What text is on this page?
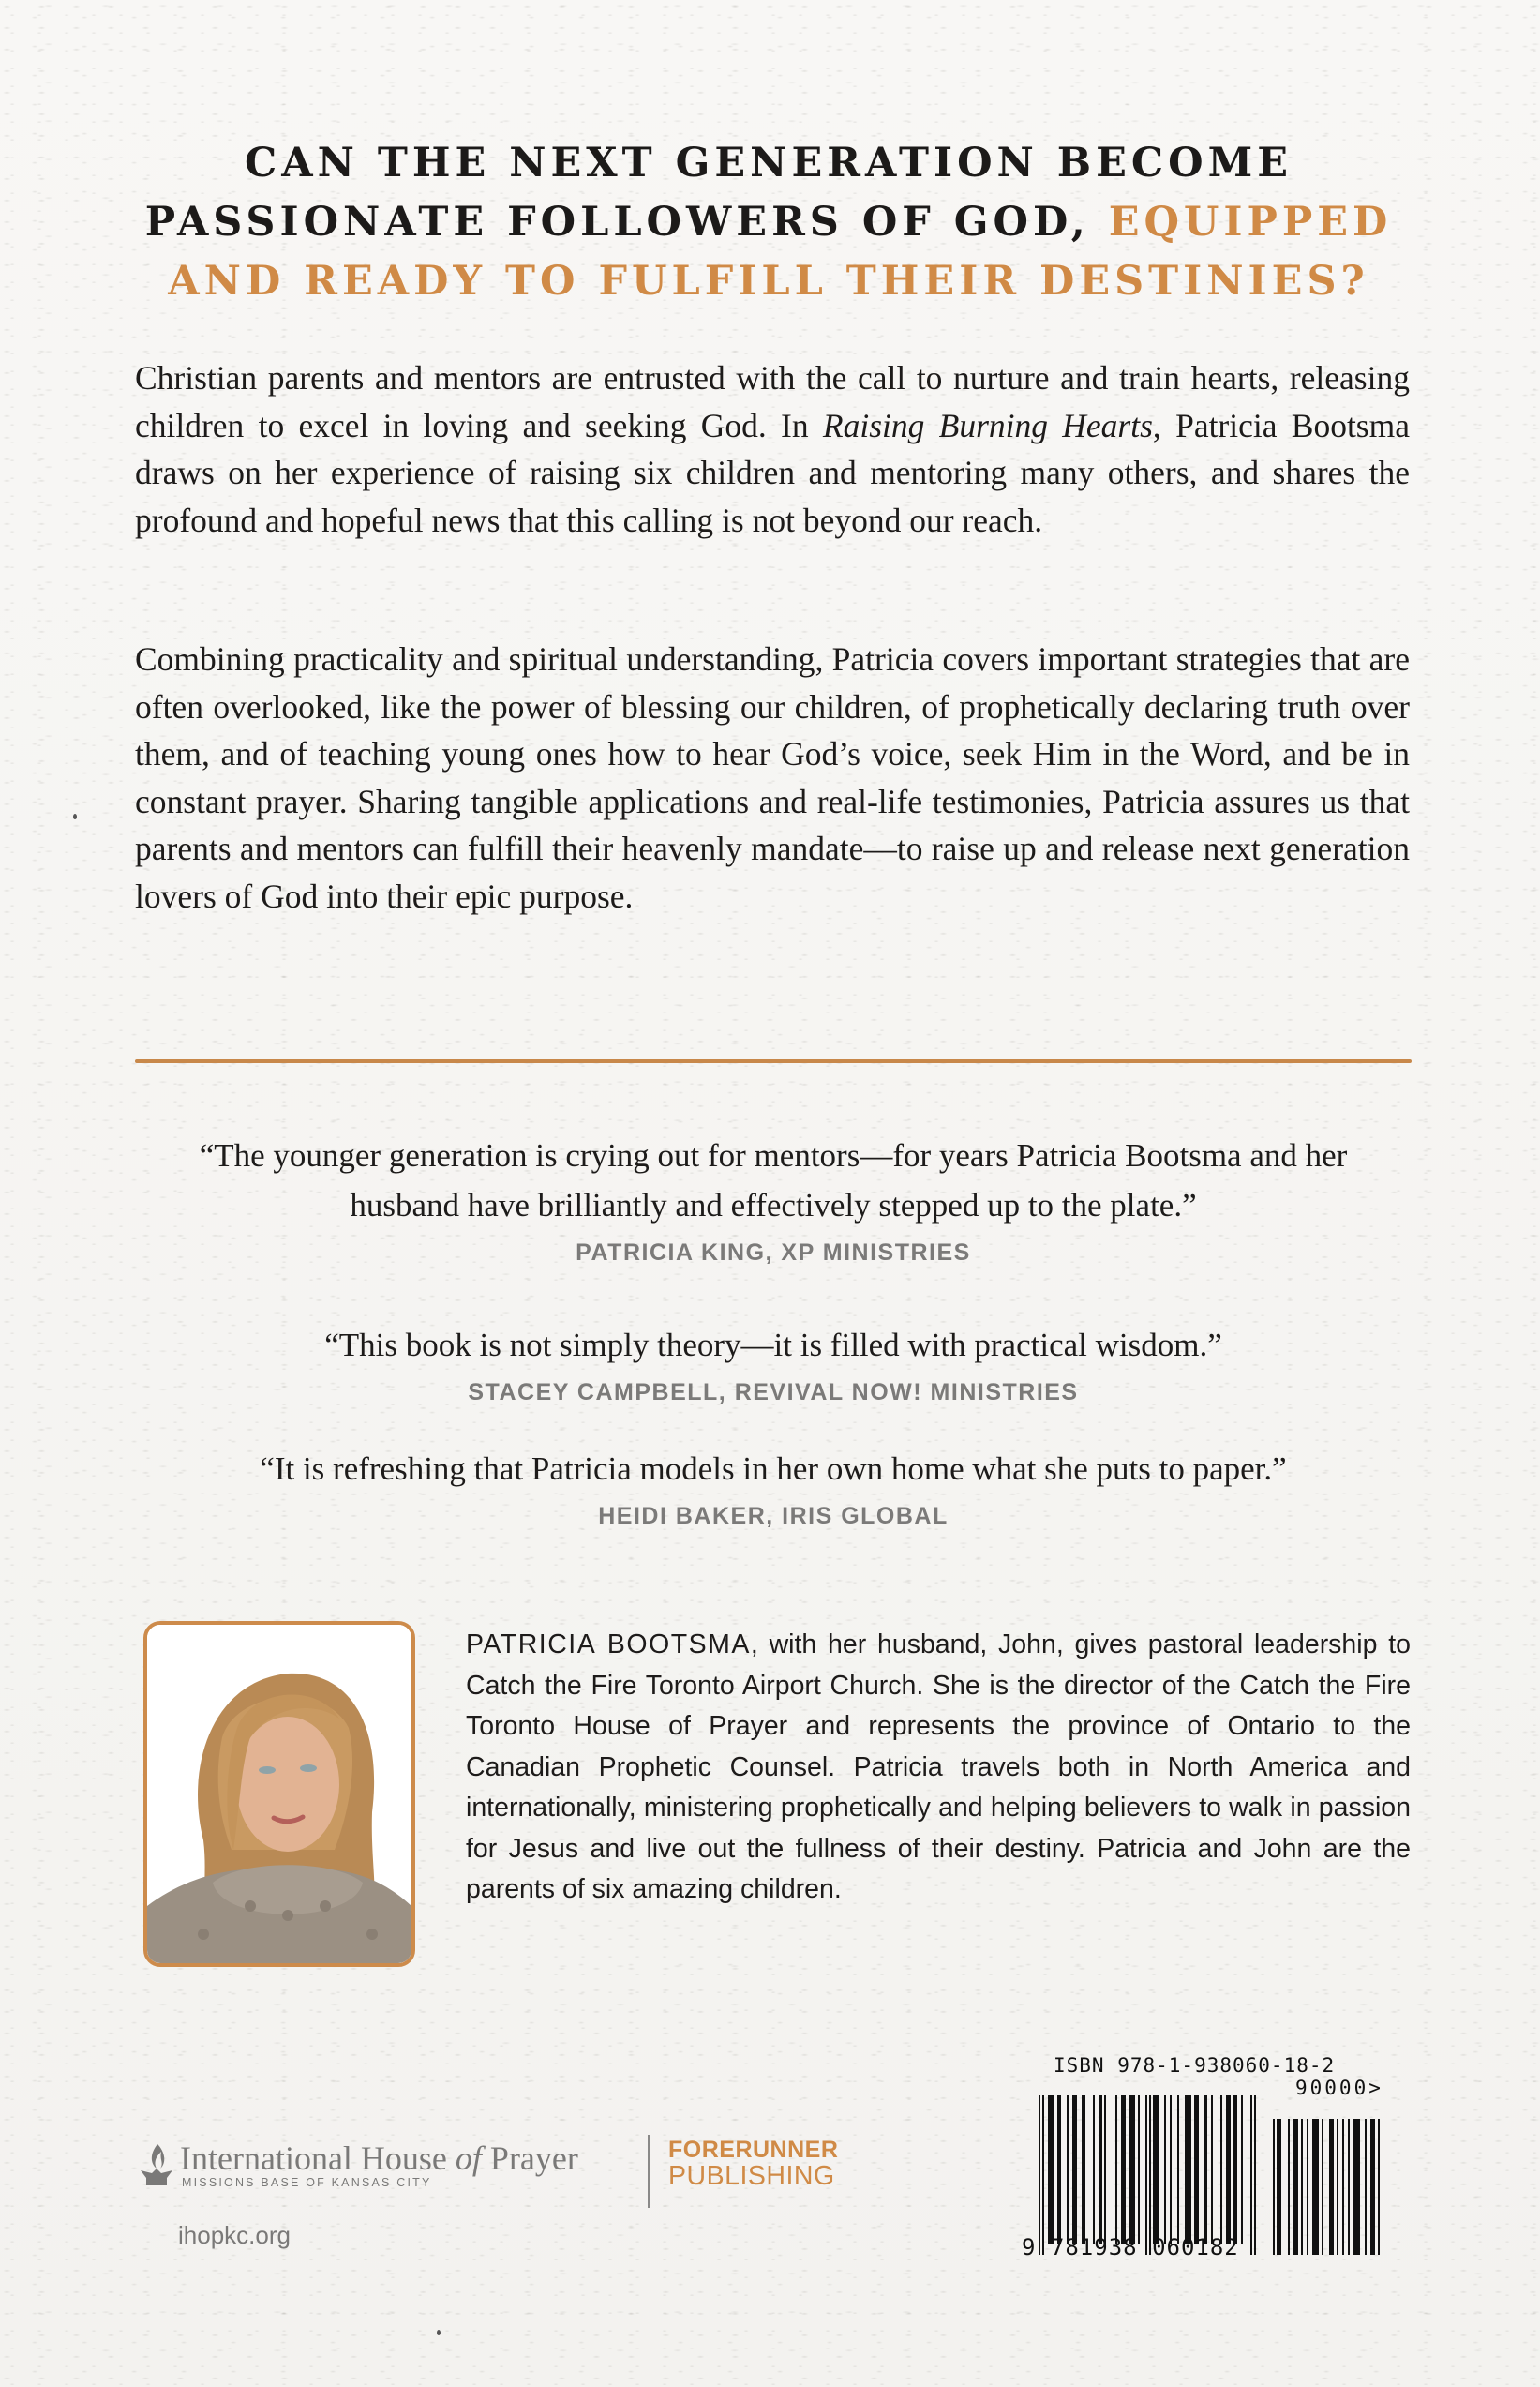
CAN THE NEXT GENERATION BECOME PASSIONATE FOLLOWERS OF GOD, EQUIPPED AND READY TO FULFILL THEIR DESTINIES?
Christian parents and mentors are entrusted with the call to nurture and train hearts, releasing children to excel in loving and seeking God. In Raising Burning Hearts, Patricia Bootsma draws on her experience of raising six children and mentoring many others, and shares the profound and hopeful news that this calling is not beyond our reach.
Combining practicality and spiritual understanding, Patricia covers important strategies that are often overlooked, like the power of blessing our children, of prophetically declaring truth over them, and of teaching young ones how to hear God’s voice, seek Him in the Word, and be in constant prayer. Sharing tangible applications and real-life testimonies, Patricia assures us that parents and mentors can fulfill their heavenly mandate—to raise up and release next generation lovers of God into their epic purpose.
“The younger generation is crying out for mentors—for years Patricia Bootsma and her husband have brilliantly and effectively stepped up to the plate.”
PATRICIA KING, XP MINISTRIES
“This book is not simply theory—it is filled with practical wisdom.”
STACEY CAMPBELL, REVIVAL NOW! MINISTRIES
“It is refreshing that Patricia models in her own home what she puts to paper.”
HEIDI BAKER, IRIS GLOBAL
PATRICIA BOOTSMA, with her husband, John, gives pastoral leadership to Catch the Fire Toronto Airport Church. She is the director of the Catch the Fire Toronto House of Prayer and represents the province of Ontario to the Canadian Prophetic Counsel. Patricia travels both in North America and internationally, ministering prophetically and helping believers to walk in passion for Jesus and live out the fullness of their destiny. Patricia and John are the parents of six amazing children.
International House of Prayer
MISSIONS BASE OF KANSAS CITY
FORERUNNER
PUBLISHING
ihopkc.org
ISBN 978-1-938060-18-2
90000>
9 781938 060182
